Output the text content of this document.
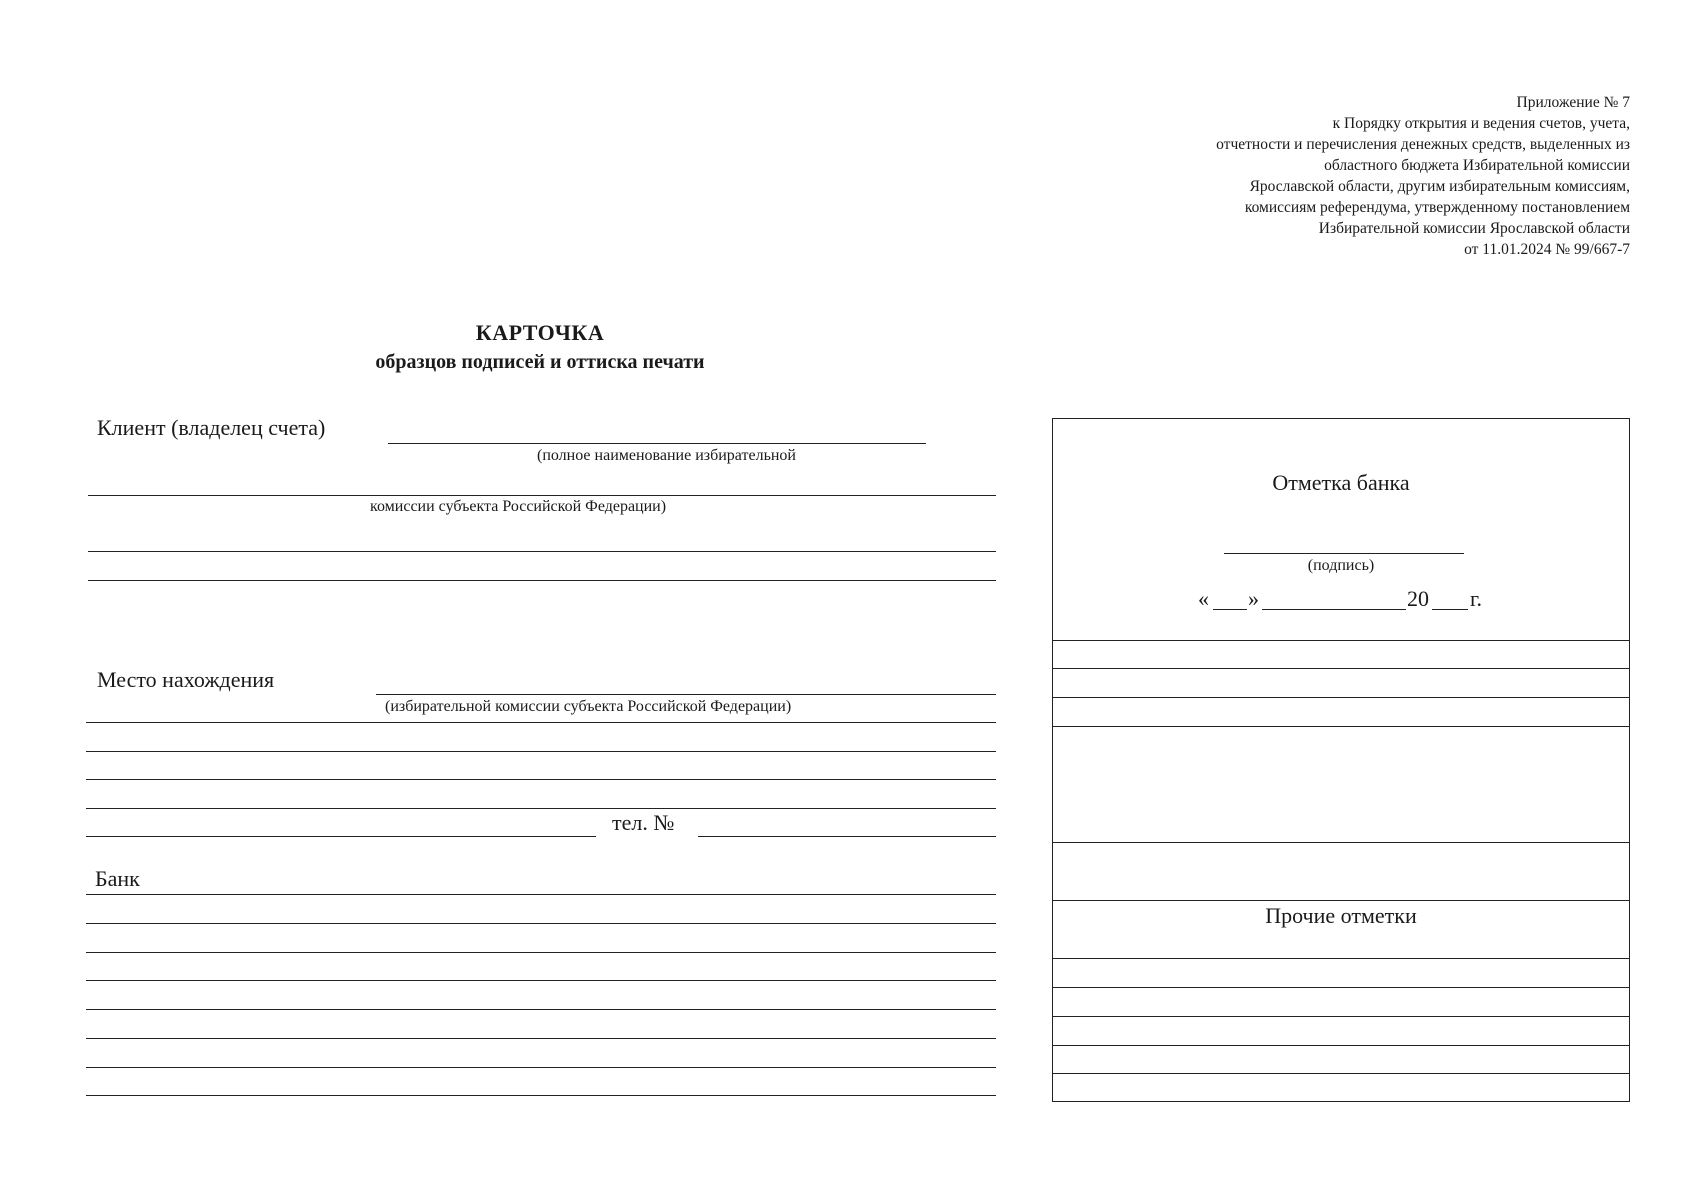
Приложение № 7
к Порядку открытия и ведения счетов, учета,
отчетности и перечисления денежных средств, выделенных из
областного бюджета Избирательной комиссии
Ярославской области, другим избирательным комиссиям,
комиссиям референдума, утвержденному постановлением
Избирательной комиссии Ярославской области
от 11.01.2024 № 99/667-7
КАРТОЧКА
образцов подписей и оттиска печати
Клиент (владелец счета)
(полное наименование избирательной
комиссии субъекта Российской Федерации)
Место нахождения
(избирательной комиссии субъекта Российской Федерации)
тел. №
Банк
Отметка банка
(подпись)
« »	20 г.
Прочие отметки
